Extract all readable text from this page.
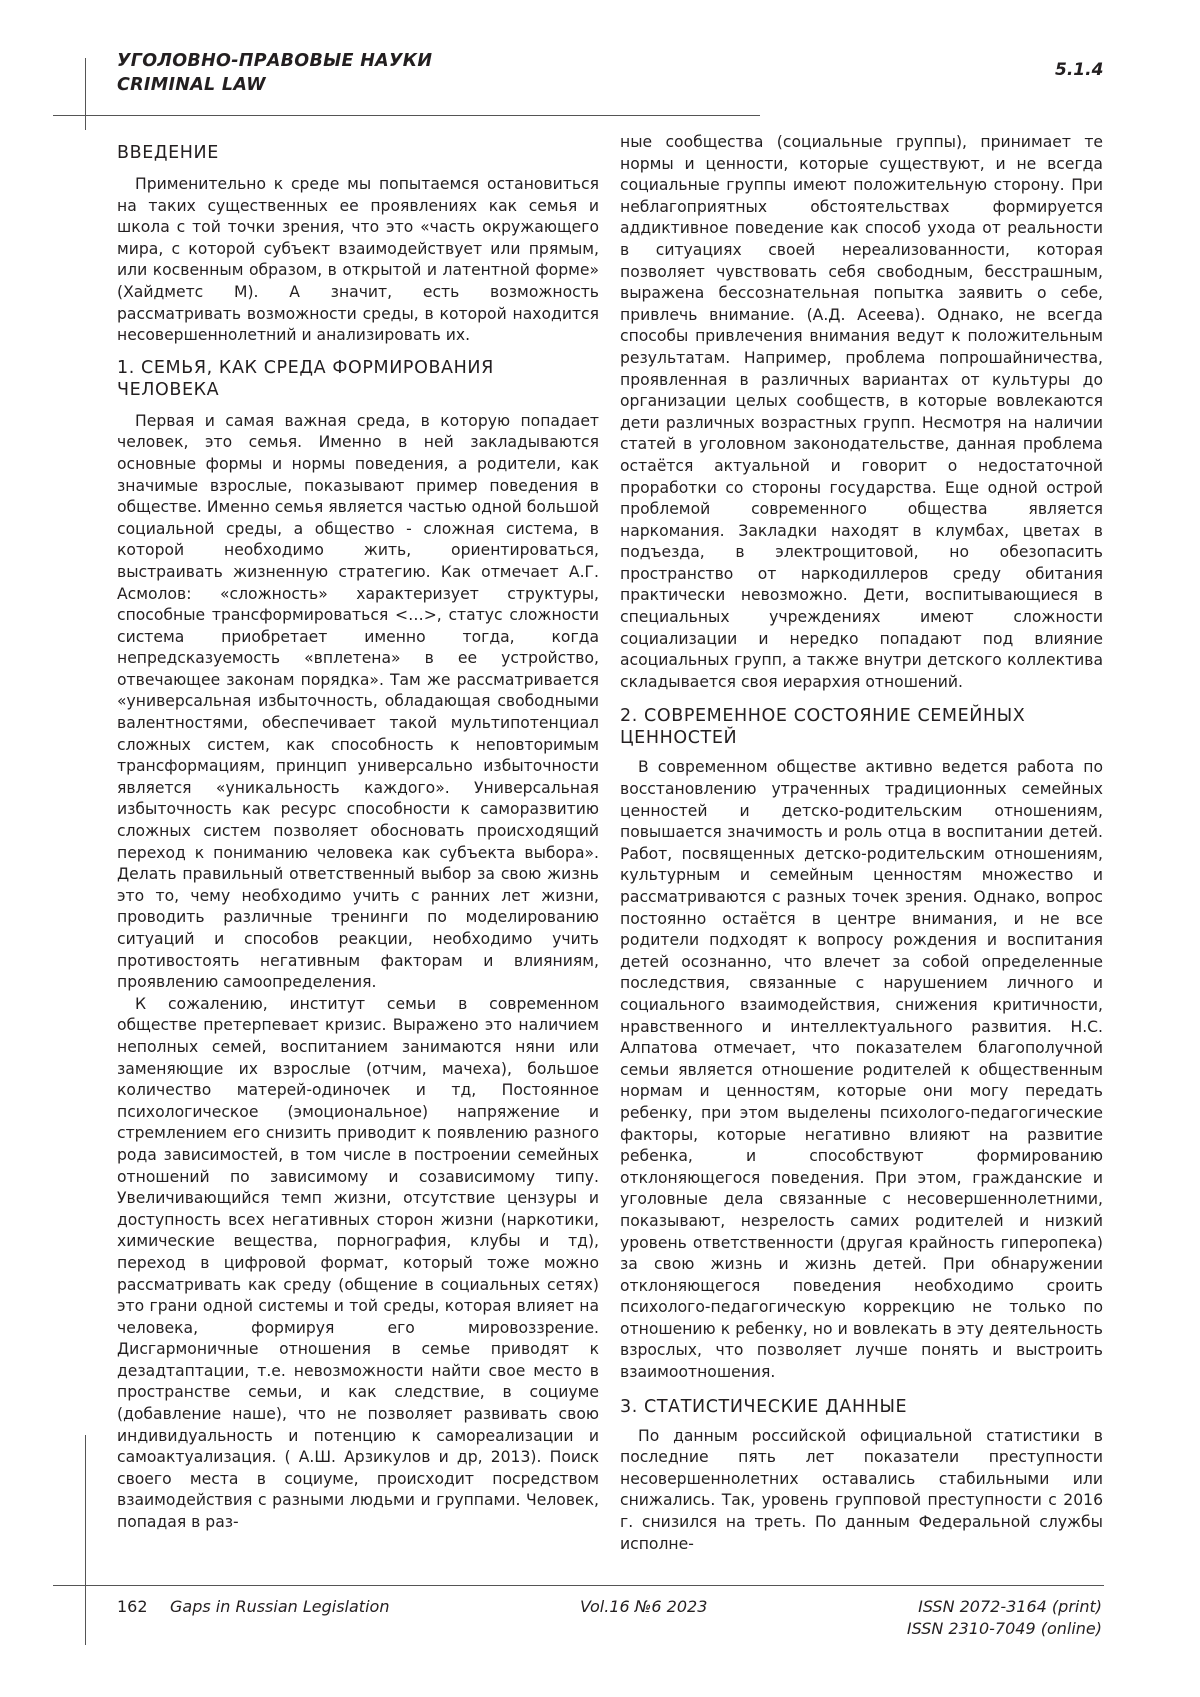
УГОЛОВНО-ПРАВОВЫЕ НАУКИ
CRIMINAL LAW
5.1.4
ВВЕДЕНИЕ

Применительно к среде мы попытаемся остановиться на таких существенных ее проявлениях как семья и школа с той точки зрения, что это «часть окружающего мира, с которой субъект взаимодействует или прямым, или косвенным образом, в открытой и латентной форме» (Хайдметс М). А значит, есть возможность рассматривать возможности среды, в которой находится несовершеннолетний и анализировать их.

1. СЕМЬЯ, КАК СРЕДА ФОРМИРОВАНИЯ ЧЕЛОВЕКА

Первая и самая важная среда, в которую попадает человек, это семья. Именно в ней закладываются основные формы и нормы поведения, а родители, как значимые взрослые, показывают пример поведения в обществе. Именно семья является частью одной большой социальной среды, а общество - сложная система, в которой необходимо жить, ориентироваться, выстраивать жизненную стратегию. Как отмечает А.Г. Асмолов: «сложность» характеризует структуры, способные трансформироваться <…>, статус сложности система приобретает именно тогда, когда непредсказуемость «вплетена» в ее устройство, отвечающее законам порядка». Там же рассматривается «универсальная избыточность, обладающая свободными валентностями, обеспечивает такой мультипотенциал сложных систем, как способность к неповторимым трансформациям, принцип универсально избыточности является «уникальность каждого». Универсальная избыточность как ресурс способности к саморазвитию сложных систем позволяет обосновать происходящий переход к пониманию человека как субъекта выбора». Делать правильный ответственный выбор за свою жизнь это то, чему необходимо учить с ранних лет жизни, проводить различные тренинги по моделированию ситуаций и способов реакции, необходимо учить противостоять негативным факторам и влияниям, проявлению самоопределения.

К сожалению, институт семьи в современном обществе претерпевает кризис. Выражено это наличием неполных семей, воспитанием занимаются няни или заменяющие их взрослые (отчим, мачеха), большое количество матерей-одиночек и тд, Постоянное психологическое (эмоциональное) напряжение и стремлением его снизить приводит к появлению разного рода зависимостей, в том числе в построении семейных отношений по зависимому и созависимому типу. Увеличивающийся темп жизни, отсутствие цензуры и доступность всех негативных сторон жизни (наркотики, химические вещества, порнография, клубы и тд), переход в цифровой формат, который тоже можно рассматривать как среду (общение в социальных сетях) это грани одной системы и той среды, которая влияет на человека, формируя его мировоззрение. Дисгармоничные отношения в семье приводят к дезадтаптации, т.е. невозможности найти свое место в пространстве семьи, и как следствие, в социуме (добавление наше), что не позволяет развивать свою индивидуальность и потенцию к самореализации и самоактуализация. ( А.Ш. Арзикулов и др, 2013). Поиск своего места в социуме, происходит посредством взаимодействия с разными людьми и группами. Человек, попадая в раз-

ные сообщества (социальные группы), принимает те нормы и ценности, которые существуют, и не всегда социальные группы имеют положительную сторону. При неблагоприятных обстоятельствах формируется аддиктивное поведение как способ ухода от реальности в ситуациях своей нереализованности, которая позволяет чувствовать себя свободным, бесстрашным, выражена бессознательная попытка заявить о себе, привлечь внимание. (А.Д. Асеева). Однако, не всегда способы привлечения внимания ведут к положительным результатам. Например, проблема попрошайничества, проявленная в различных вариантах от культуры до организации целых сообществ, в которые вовлекаются дети различных возрастных групп. Несмотря на наличии статей в уголовном законодательстве, данная проблема остаётся актуальной и говорит о недостаточной проработки со стороны государства. Еще одной острой проблемой современного общества является наркомания. Закладки находят в клумбах, цветах в подъезда, в электрощитовой, но обезопасить пространство от наркодиллеров среду обитания практически невозможно. Дети, воспитывающиеся в специальных учреждениях имеют сложности социализации и нередко попадают под влияние асоциальных групп, а также внутри детского коллектива складывается своя иерархия отношений.

2. СОВРЕМЕННОЕ СОСТОЯНИЕ СЕМЕЙНЫХ ЦЕННОСТЕЙ

В современном обществе активно ведется работа по восстановлению утраченных традиционных семейных ценностей и детско-родительским отношениям, повышается значимость и роль отца в воспитании детей. Работ, посвященных детско-родительским отношениям, культурным и семейным ценностям множество и рассматриваются с разных точек зрения. Однако, вопрос постоянно остаётся в центре внимания, и не все родители подходят к вопросу рождения и воспитания детей осознанно, что влечет за собой определенные последствия, связанные с нарушением личного и социального взаимодействия, снижения критичности, нравственного и интеллектуального развития. Н.С. Алпатова отмечает, что показателем благополучной семьи является отношение родителей к общественным нормам и ценностям, которые они могу передать ребенку, при этом выделены психолого-педагогические факторы, которые негативно влияют на развитие ребенка, и способствуют формированию отклоняющегося поведения. При этом, гражданские и уголовные дела связанные с несовершеннолетними, показывают, незрелость самих родителей и низкий уровень ответственности (другая крайность гиперопека) за свою жизнь и жизнь детей. При обнаружении отклоняющегося поведения необходимо сроить психолого-педагогическую коррекцию не только по отношению к ребенку, но и вовлекать в эту деятельность взрослых, что позволяет лучше понять и выстроить взаимоотношения.

3. СТАТИСТИЧЕСКИЕ ДАННЫЕ

По данным российской официальной статистики в последние пять лет показатели преступности несовершеннолетних оставались стабильными или снижались. Так, уровень групповой преступности с 2016 г. снизился на треть. По данным Федеральной службы исполне-

162 Gaps in Russian Legislation	Vol.16 №6 2023	ISSN 2072-3164 (print)
ISSN 2310-7049 (online)
